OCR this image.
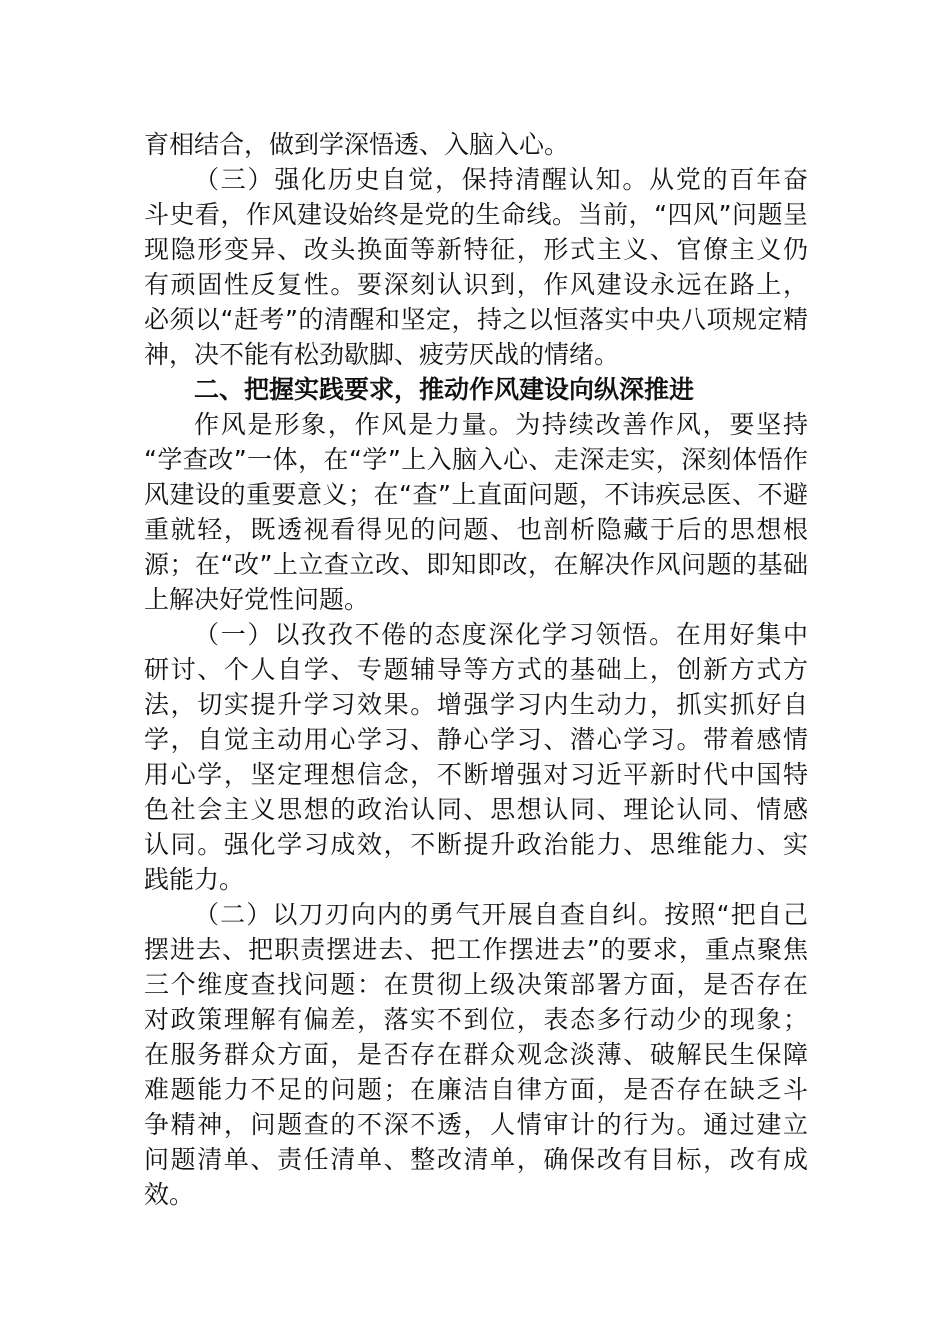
育相结合，做到学深悟透、入脑入心。
（三）强化历史自觉，保持清醒认知。从党的百年奋
斗史看，作风建设始终是党的生命线。当前，“四风”问题呈
现隐形变异、改头换面等新特征，形式主义、官僚主义仍
有顽固性反复性。要深刻认识到，作风建设永远在路上，
必须以“赶考”的清醒和坚定，持之以恒落实中央八项规定精
神，决不能有松劲歇脚、疲劳厌战的情绪。
二、把握实践要求，推动作风建设向纵深推进
作风是形象，作风是力量。为持续改善作风，要坚持
“学查改”一体，在“学”上入脑入心、走深走实，深刻体悟作
风建设的重要意义；在“查”上直面问题，不讳疾忌医、不避
重就轻，既透视看得见的问题、也剖析隐藏于后的思想根
源；在“改”上立查立改、即知即改，在解决作风问题的基础
上解决好党性问题。
（一）以孜孜不倦的态度深化学习领悟。在用好集中
研讨、个人自学、专题辅导等方式的基础上，创新方式方
法，切实提升学习效果。增强学习内生动力，抓实抓好自
学，自觉主动用心学习、静心学习、潜心学习。带着感情
用心学，坚定理想信念，不断增强对习近平新时代中国特
色社会主义思想的政治认同、思想认同、理论认同、情感
认同。强化学习成效，不断提升政治能力、思维能力、实
践能力。
（二）以刀刃向内的勇气开展自查自纠。按照“把自己
摆进去、把职责摆进去、把工作摆进去”的要求，重点聚焦
三个维度查找问题：在贯彻上级决策部署方面，是否存在
对政策理解有偏差，落实不到位，表态多行动少的现象；
在服务群众方面，是否存在群众观念淡薄、破解民生保障
难题能力不足的问题；在廉洁自律方面，是否存在缺乏斗
争精神，问题查的不深不透，人情审计的行为。通过建立
问题清单、责任清单、整改清单，确保改有目标，改有成
效。
